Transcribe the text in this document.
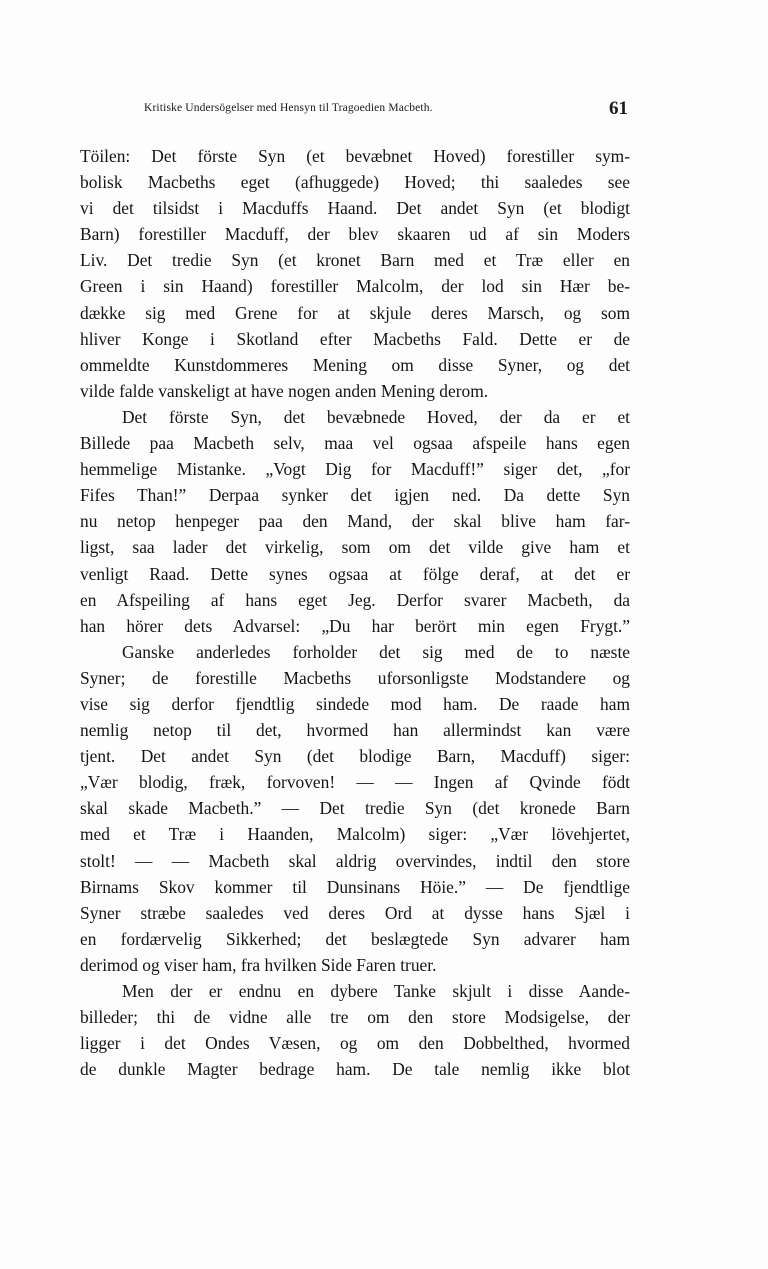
Kritiske Undersögelser med Hensyn til Tragoedien Macbeth.	61
Töilen: Det förste Syn (et bevæbnet Hoved) forestiller sym-
bolisk Macbeths eget (afhuggede) Hoved; thi saaledes see
vi det tilsidst i Macduffs Haand. Det andet Syn (et blodigt
Barn) forestiller Macduff, der blev skaaren ud af sin Moders
Liv. Det tredie Syn (et kronet Barn med et Træ eller en
Green i sin Haand) forestiller Malcolm, der lod sin Hær be-
dække sig med Grene for at skjule deres Marsch, og som
hliver Konge i Skotland efter Macbeths Fald. Dette er de
ommeldte Kunstdommeres Mening om disse Syner, og det
vilde falde vanskeligt at have nogen anden Mening derom.
Det förste Syn, det bevæbnede Hoved, der da er et
Billede paa Macbeth selv, maa vel ogsaa afspeile hans egen
hemmelige Mistanke. „Vogt Dig for Macduff!” siger det, „for
Fifes Than!” Derpaa synker det igjen ned. Da dette Syn
nu netop henpeger paa den Mand, der skal blive ham far-
ligst, saa lader det virkelig, som om det vilde give ham et
venligt Raad. Dette synes ogsaa at fölge deraf, at det er
en Afspeiling af hans eget Jeg. Derfor svarer Macbeth, da
han hörer dets Advarsel: „Du har berört min egen Frygt.”
Ganske anderledes forholder det sig med de to næste
Syner; de forestille Macbeths uforsonligste Modstandere og
vise sig derfor fjendtlig sindede mod ham. De raade ham
nemlig netop til det, hvormed han allermindst kan være
tjent. Det andet Syn (det blodige Barn, Macduff) siger:
„Vær blodig, fræk, forvoven! — — Ingen af Qvinde födt
skal skade Macbeth.” — Det tredie Syn (det kronede Barn
med et Træ i Haanden, Malcolm) siger: „Vær lövehjertet,
stolt! — — Macbeth skal aldrig overvindes, indtil den store
Birnams Skov kommer til Dunsinans Höie.” — De fjendtlige
Syner stræbe saaledes ved deres Ord at dysse hans Sjæl i
en fordærvelig Sikkerhed; det beslægtede Syn advarer ham
derimod og viser ham, fra hvilken Side Faren truer.
Men der er endnu en dybere Tanke skjult i disse Aande-
billeder; thi de vidne alle tre om den store Modsigelse, der
ligger i det Ondes Væsen, og om den Dobbelthed, hvormed
de dunkle Magter bedrage ham. De tale nemlig ikke blot
